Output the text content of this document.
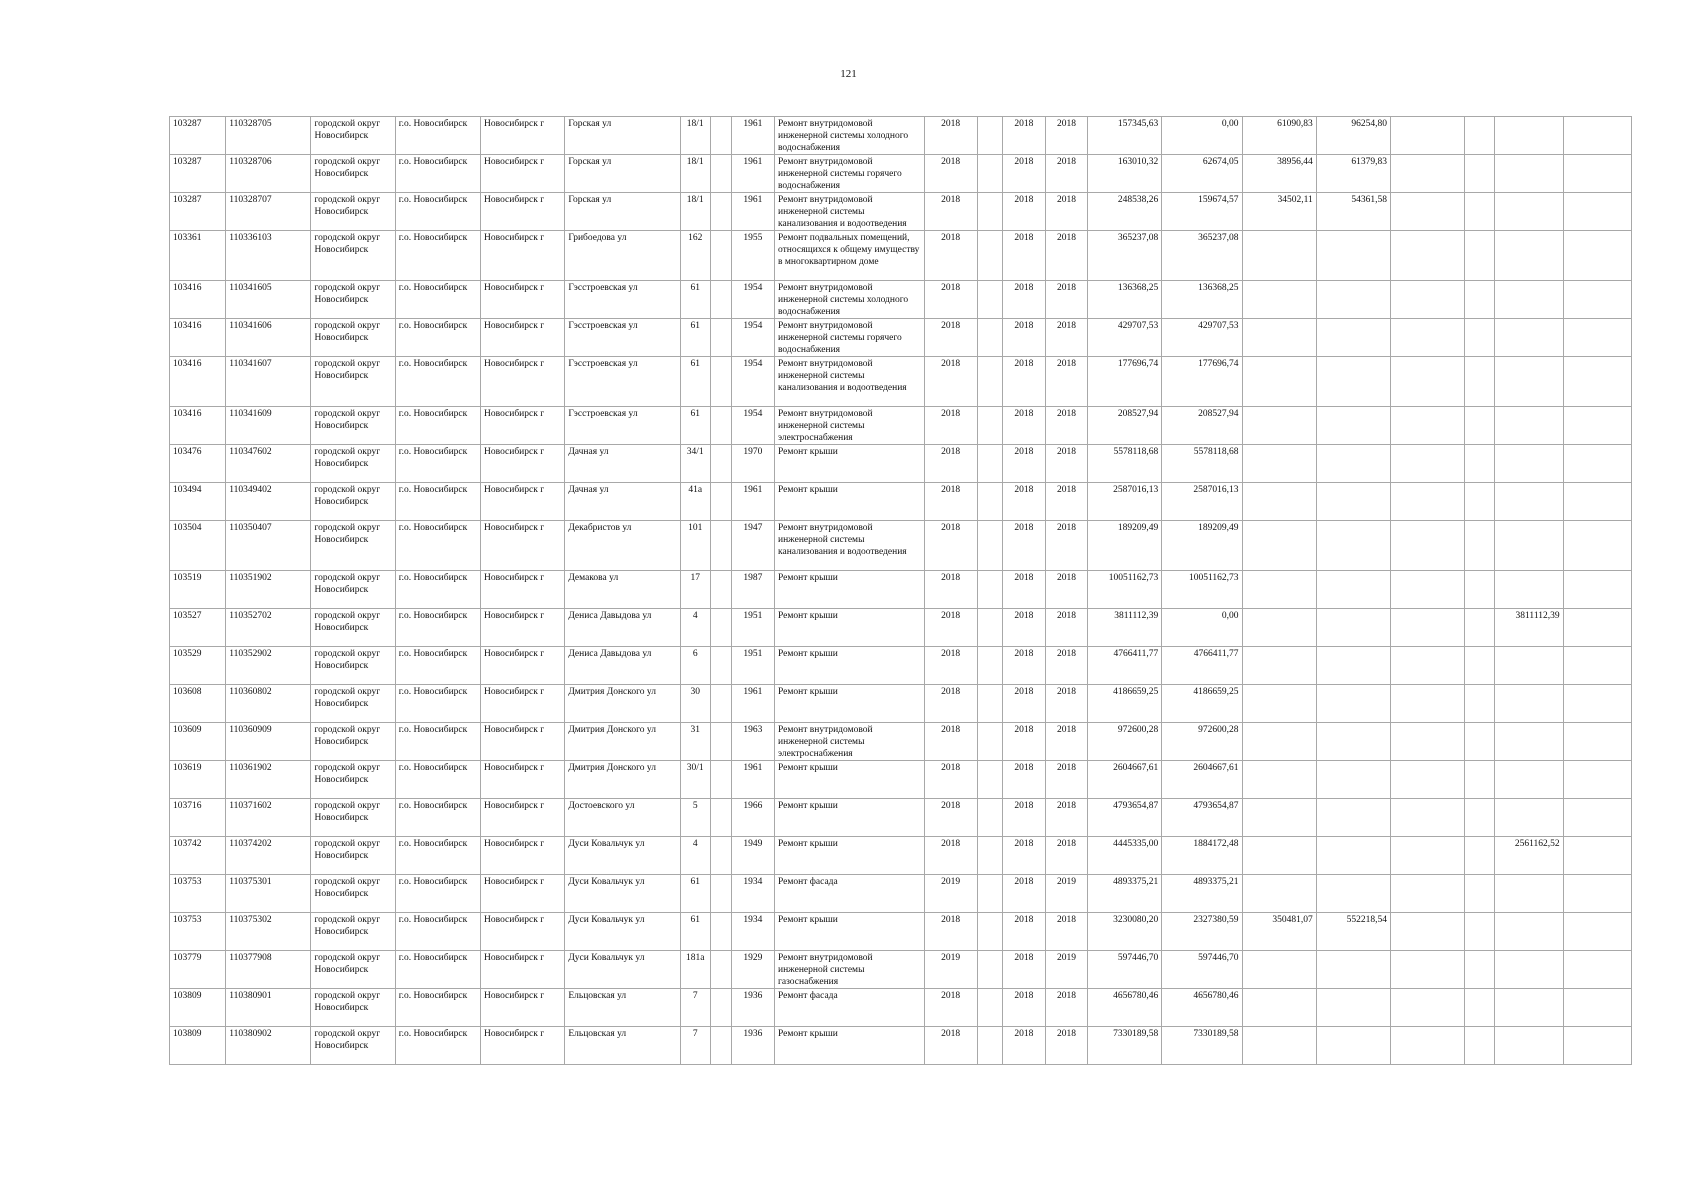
121
103287	110328705	городской округ Новосибирск	г.о. Новосибирск	Новосибирск г	Горская ул	18/1		1961	Ремонт внутридомовой инженерной системы холодного водоснабжения	2018		2018	2018	157345,63	0,00	61090,83	96254,80				
103287	110328706	городской округ Новосибирск	г.о. Новосибирск	Новосибирск г	Горская ул	18/1		1961	Ремонт внутридомовой инженерной системы горячего водоснабжения	2018		2018	2018	163010,32	62674,05	38956,44	61379,83				
103287	110328707	городской округ Новосибирск	г.о. Новосибирск	Новосибирск г	Горская ул	18/1		1961	Ремонт внутридомовой инженерной системы канализования и водоотведения	2018		2018	2018	248538,26	159674,57	34502,11	54361,58				
103361	110336103	городской округ Новосибирск	г.о. Новосибирск	Новосибирск г	Грибоедова ул	162		1955	Ремонт подвальных помещений, относящихся к общему имуществу в многоквартирном доме	2018		2018	2018	365237,08	365237,08						
103416	110341605	городской округ Новосибирск	г.о. Новосибирск	Новосибирск г	Гэсстроевская ул	61		1954	Ремонт внутридомовой инженерной системы холодного водоснабжения	2018		2018	2018	136368,25	136368,25						
103416	110341606	городской округ Новосибирск	г.о. Новосибирск	Новосибирск г	Гэсстроевская ул	61		1954	Ремонт внутридомовой инженерной системы горячего водоснабжения	2018		2018	2018	429707,53	429707,53						
103416	110341607	городской округ Новосибирск	г.о. Новосибирск	Новосибирск г	Гэсстроевская ул	61		1954	Ремонт внутридомовой инженерной системы канализования и водоотведения	2018		2018	2018	177696,74	177696,74						
103416	110341609	городской округ Новосибирск	г.о. Новосибирск	Новосибирск г	Гэсстроевская ул	61		1954	Ремонт внутридомовой инженерной системы электроснабжения	2018		2018	2018	208527,94	208527,94						
103476	110347602	городской округ Новосибирск	г.о. Новосибирск	Новосибирск г	Дачная ул	34/1		1970	Ремонт крыши	2018		2018	2018	5578118,68	5578118,68						
103494	110349402	городской округ Новосибирск	г.о. Новосибирск	Новосибирск г	Дачная ул	41а		1961	Ремонт крыши	2018		2018	2018	2587016,13	2587016,13						
103504	110350407	городской округ Новосибирск	г.о. Новосибирск	Новосибирск г	Декабристов ул	101		1947	Ремонт внутридомовой инженерной системы канализования и водоотведения	2018		2018	2018	189209,49	189209,49						
103519	110351902	городской округ Новосибирск	г.о. Новосибирск	Новосибирск г	Демакова ул	17		1987	Ремонт крыши	2018		2018	2018	10051162,73	10051162,73						
103527	110352702	городской округ Новосибирск	г.о. Новосибирск	Новосибирск г	Дениса Давыдова ул	4		1951	Ремонт крыши	2018		2018	2018	3811112,39	0,00					3811112,39	
103529	110352902	городской округ Новосибирск	г.о. Новосибирск	Новосибирск г	Дениса Давыдова ул	6		1951	Ремонт крыши	2018		2018	2018	4766411,77	4766411,77						
103608	110360802	городской округ Новосибирск	г.о. Новосибирск	Новосибирск г	Дмитрия Донского ул	30		1961	Ремонт крыши	2018		2018	2018	4186659,25	4186659,25						
103609	110360909	городской округ Новосибирск	г.о. Новосибирск	Новосибирск г	Дмитрия Донского ул	31		1963	Ремонт внутридомовой инженерной системы электроснабжения	2018		2018	2018	972600,28	972600,28						
103619	110361902	городской округ Новосибирск	г.о. Новосибирск	Новосибирск г	Дмитрия Донского ул	30/1		1961	Ремонт крыши	2018		2018	2018	2604667,61	2604667,61						
103716	110371602	городской округ Новосибирск	г.о. Новосибирск	Новосибирск г	Достоевского ул	5		1966	Ремонт крыши	2018		2018	2018	4793654,87	4793654,87						
103742	110374202	городской округ Новосибирск	г.о. Новосибирск	Новосибирск г	Дуси Ковальчук ул	4		1949	Ремонт крыши	2018		2018	2018	4445335,00	1884172,48					2561162,52	
103753	110375301	городской округ Новосибирск	г.о. Новосибирск	Новосибирск г	Дуси Ковальчук ул	61		1934	Ремонт фасада	2019		2018	2019	4893375,21	4893375,21						
103753	110375302	городской округ Новосибирск	г.о. Новосибирск	Новосибирск г	Дуси Ковальчук ул	61		1934	Ремонт крыши	2018		2018	2018	3230080,20	2327380,59	350481,07	552218,54				
103779	110377908	городской округ Новосибирск	г.о. Новосибирск	Новосибирск г	Дуси Ковальчук ул	181а		1929	Ремонт внутридомовой инженерной системы газоснабжения	2019		2018	2019	597446,70	597446,70						
103809	110380901	городской округ Новосибирск	г.о. Новосибирск	Новосибирск г	Ельцовская ул	7		1936	Ремонт фасада	2018		2018	2018	4656780,46	4656780,46						
103809	110380902	городской округ Новосибирск	г.о. Новосибирск	Новосибирск г	Ельцовская ул	7		1936	Ремонт крыши	2018		2018	2018	7330189,58	7330189,58						
